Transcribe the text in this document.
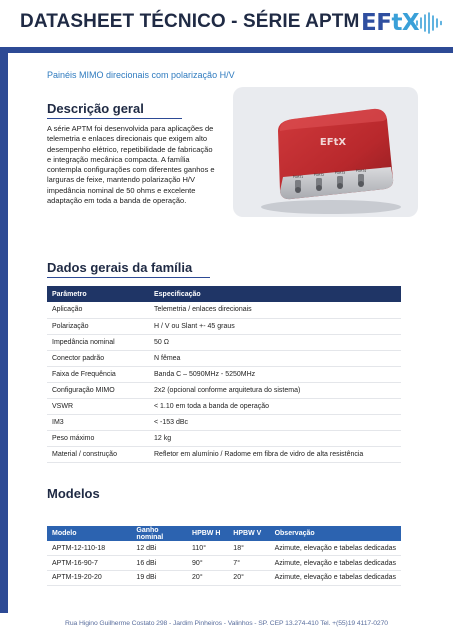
DATASHEET TÉCNICO - SÉRIE APTM EFtX
Painéis MIMO direcionais com polarização H/V
Descrição geral

A série APTM foi desenvolvida para aplicações de telemetria e enlaces direcionais que exigem alto desempenho elétrico, repetibilidade de fabricação e integração mecânica compacta. A família contempla configurações com diferentes ganhos e larguras de feixe, mantendo polarização H/V impedância nominal de 50 ohms e excelente adaptação em toda a banda de operação.

EFtX
PORT1	PORT2	PORT3	PORT4
Dados gerais da família
Parâmetro	Especificação
Aplicação	Telemetria / enlaces direcionais
Polarização	H / V ou Slant +- 45 graus
Impedância nominal	50 Ω
Conector padrão	N fêmea
Faixa de Frequência	Banda C – 5090MHz - 5250MHz
Configuração MIMO	2x2 (opcional conforme arquitetura do sistema)
VSWR	< 1.10 em toda a banda de operação
IM3	< -153 dBc
Peso máximo	12 kg
Material / construção	Refletor em alumínio / Radome em fibra de vidro de alta resistência
Modelos
Modelo	Ganho nominal	HPBW H	HPBW V	Observação
APTM-12-110-18	12 dBi	110°	18°	Azimute, elevação e tabelas dedicadas
APTM-16-90-7	16 dBi	90°	7°	Azimute, elevação e tabelas dedicadas
APTM-19-20-20	19 dBi	20°	20°	Azimute, elevação e tabelas dedicadas
Rua Higino Guilherme Costato 298 - Jardim Pinheiros - Valinhos - SP. CEP 13.274-410 Tel. +(55)19 4117-0270
